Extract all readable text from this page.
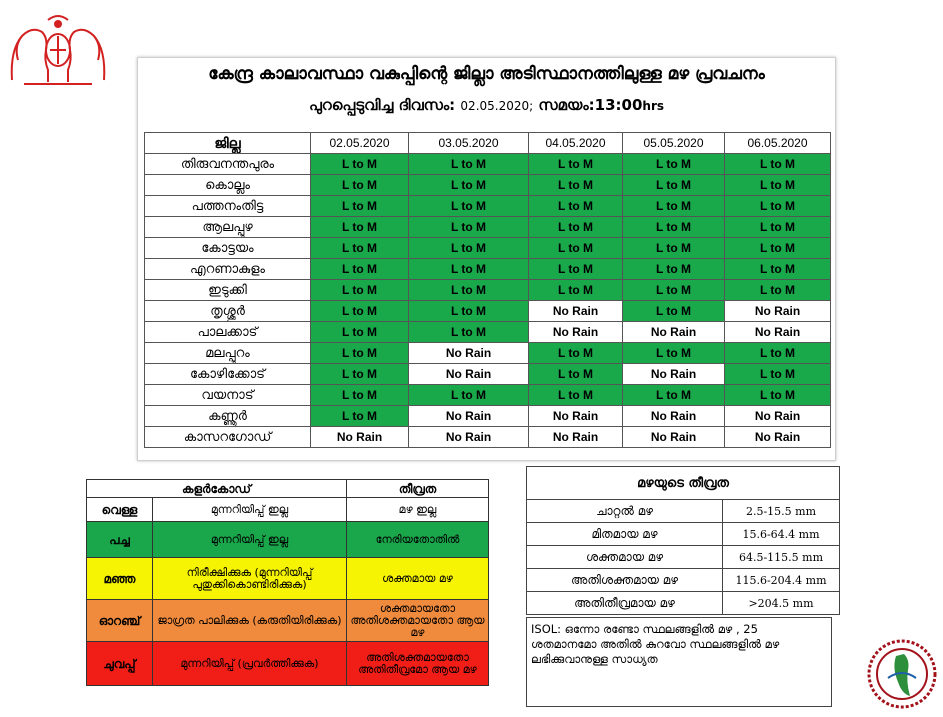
കേന്ദ്ര കാലാവസ്ഥാ വകുപ്പിന്റെ ജില്ലാ അടിസ്ഥാനത്തിലുള്ള മഴ പ്രവചനം
പുറപ്പെടുവിച്ച ദിവസം: 02.05.2020; സമയം:13:00hrs
ജില്ല	02.05.2020	03.05.2020	04.05.2020	05.05.2020	06.05.2020
തിരുവനന്തപുരം	L to M	L to M	L to M	L to M	L to M
കൊല്ലം	L to M	L to M	L to M	L to M	L to M
പത്തനംതിട്ട	L to M	L to M	L to M	L to M	L to M
ആലപ്പുഴ	L to M	L to M	L to M	L to M	L to M
കോട്ടയം	L to M	L to M	L to M	L to M	L to M
എറണാകുളം	L to M	L to M	L to M	L to M	L to M
ഇടുക്കി	L to M	L to M	L to M	L to M	L to M
തൃശ്ശൂർ	L to M	L to M	No Rain	L to M	No Rain
പാലക്കാട്	L to M	L to M	No Rain	No Rain	No Rain
മലപ്പുറം	L to M	No Rain	L to M	L to M	L to M
കോഴിക്കോട്	L to M	No Rain	L to M	No Rain	L to M
വയനാട്	L to M	L to M	L to M	L to M	L to M
കണ്ണൂർ	L to M	No Rain	No Rain	No Rain	No Rain
കാസറഗോഡ്	No Rain	No Rain	No Rain	No Rain	No Rain
കളർകോഡ്		തീവ്രത
വെള്ള	മുന്നറിയിപ്പ് ഇല്ല	മഴ ഇല്ല
പച്ച	മുന്നറിയിപ്പ് ഇല്ല	നേരിയതോതിൽ
മഞ്ഞ	നിരീക്ഷിക്കുക (മുന്നറിയിപ്പ് പുതുക്കികൊണ്ടിരിക്കുക)	ശക്തമായ മഴ
ഓറഞ്ച്	ജാഗ്രത പാലിക്കുക (കരുതിയിരിക്കുക)	ശക്തമായതോ അതിശക്തമായതോ ആയ മഴ
ചുവപ്പ്	മുന്നറിയിപ്പ് (പ്രവർത്തിക്കുക)	അതിശക്തമായതോ അതിതീവ്രമോ ആയ മഴ
മഴയുടെ തീവ്രത	
ചാറ്റൽ മഴ	2.5-15.5 mm
മിതമായ മഴ	15.6-64.4 mm
ശക്തമായ മഴ	64.5-115.5 mm
അതിശക്തമായ മഴ	115.6-204.4 mm
അതിതീവ്രമായ മഴ	>204.5 mm
ISOL: ഒന്നോ രണ്ടോ സ്ഥലങ്ങളിൽ മഴ , 25 ശതമാനമോ അതിൽ കുറവോ സ്ഥലങ്ങളിൽ മഴ ലഭിക്കുവാനുള്ള സാധ്യത
